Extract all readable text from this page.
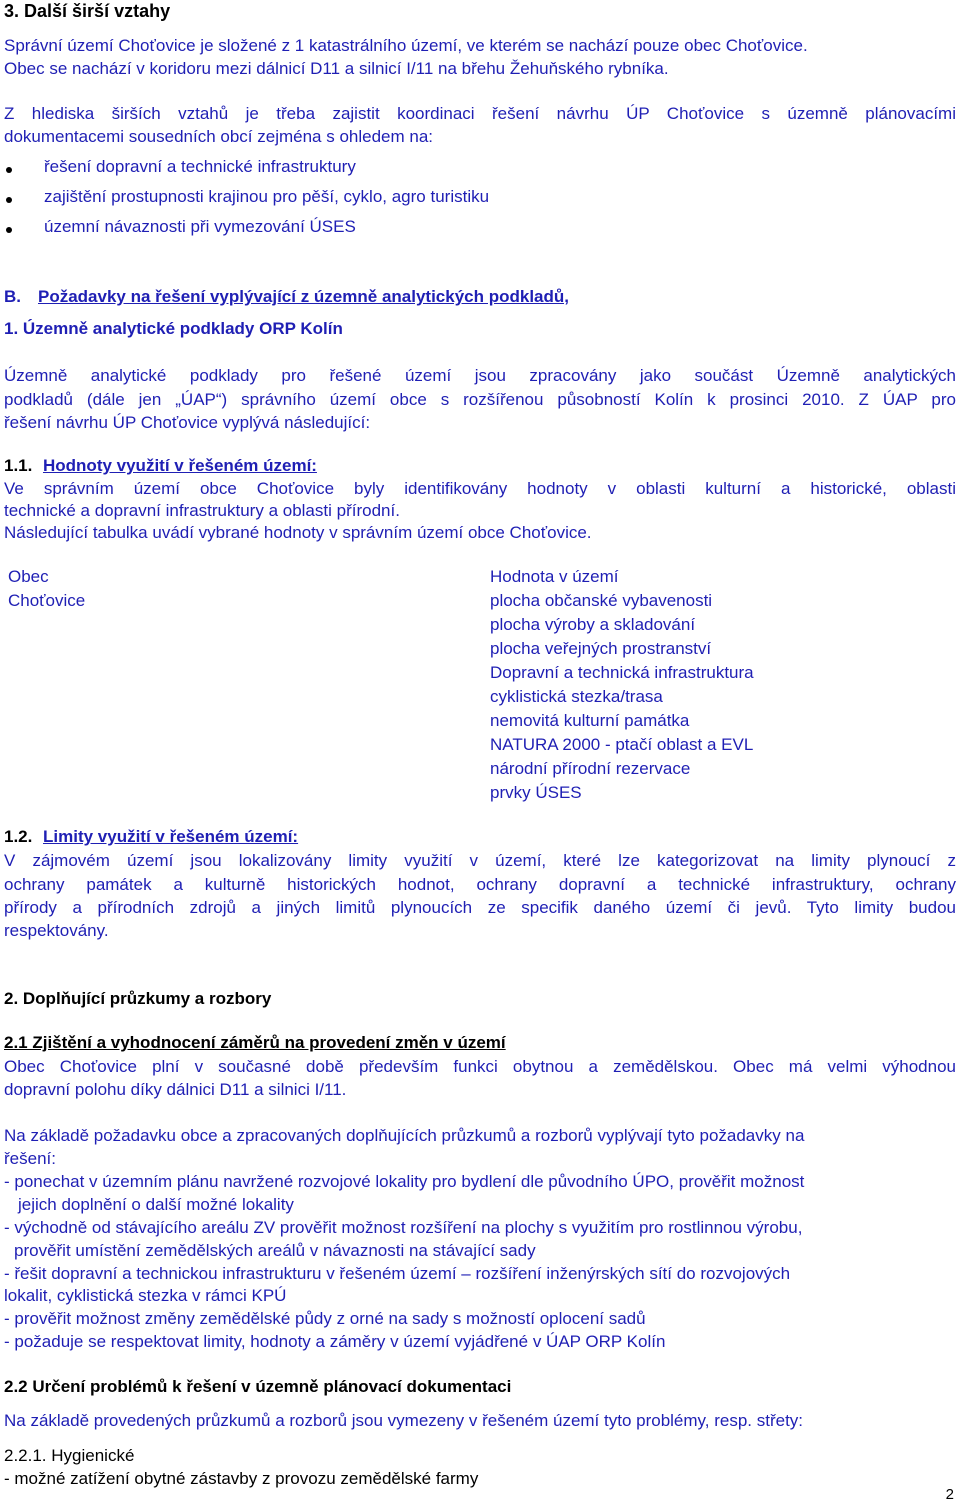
3. Další širší vztahy
Správní území Choťovice je složené z 1 katastrálního území, ve kterém se nachází pouze obec Choťovice.
Obec se nachází v koridoru mezi dálnicí D11 a silnicí I/11 na břehu Žehuňského rybníka.
Z hlediska širších vztahů je třeba zajistit koordinaci řešení návrhu ÚP Choťovice s územně plánovacími
dokumentacemi sousedních obcí zejména s ohledem na:
řešení dopravní a technické infrastruktury
zajištění prostupnosti krajinou pro pěší, cyklo, agro turistiku
územní návaznosti při vymezování ÚSES
B. Požadavky na řešení vyplývající z územně analytických podkladů,
1. Územně analytické podklady ORP Kolín
Územně analytické podklady pro řešené území jsou zpracovány jako součást Územně analytických
podkladů (dále jen „ÚAP“) správního území obce s rozšířenou působností Kolín k prosinci 2010. Z ÚAP pro
řešení návrhu ÚP Choťovice vyplývá následující:
1.1. Hodnoty využití v řešeném území:
Ve správním území obce Choťovice byly identifikovány hodnoty v oblasti kulturní a historické, oblasti
technické a dopravní infrastruktury a oblasti přírodní.
Následující tabulka uvádí vybrané hodnoty v správním území obce Choťovice.
Obec
Choťovice
Hodnota v území
plocha občanské vybavenosti
plocha výroby a skladování
plocha veřejných prostranství
Dopravní a technická infrastruktura
cyklistická stezka/trasa
nemovitá kulturní památka
NATURA 2000 - ptačí oblast a EVL
národní přírodní rezervace
prvky ÚSES
1.2. Limity využití v řešeném území:
V zájmovém území jsou lokalizovány limity využití v území, které lze kategorizovat na limity plynoucí z
ochrany památek a kulturně historických hodnot, ochrany dopravní a technické infrastruktury, ochrany
přírody a přírodních zdrojů a jiných limitů plynoucích ze specifik daného území či jevů. Tyto limity budou
respektovány.
2. Doplňující průzkumy a rozbory
2.1 Zjištění a vyhodnocení záměrů na provedení změn v území
Obec Choťovice plní v současné době především funkci obytnou a zemědělskou. Obec má velmi výhodnou
dopravní polohu díky dálnici D11 a silnici I/11.
Na základě požadavku obce a zpracovaných doplňujících průzkumů a rozborů vyplývají tyto požadavky na
řešení:
- ponechat v územním plánu navržené rozvojové lokality pro bydlení dle původního ÚPO, prověřit možnost
jejich doplnění o další možné lokality
- východně od stávajícího areálu ZV prověřit možnost rozšíření na plochy s využitím pro rostlinnou výrobu,
prověřit umístění zemědělských areálů v návaznosti na stávající sady
- řešit dopravní a technickou infrastrukturu v řešeném území – rozšíření inženýrských sítí do rozvojových
lokalit, cyklistická stezka v rámci KPÚ
- prověřit možnost změny zemědělské půdy z orné na sady s možností oplocení sadů
- požaduje se respektovat limity, hodnoty a záměry v území vyjádřené v ÚAP ORP Kolín
2.2 Určení problémů k řešení v územně plánovací dokumentaci
Na základě provedených průzkumů a rozborů jsou vymezeny v řešeném území tyto problémy, resp. střety:
2.2.1. Hygienické
- možné zatížení obytné zástavby z provozu zemědělské farmy
2
